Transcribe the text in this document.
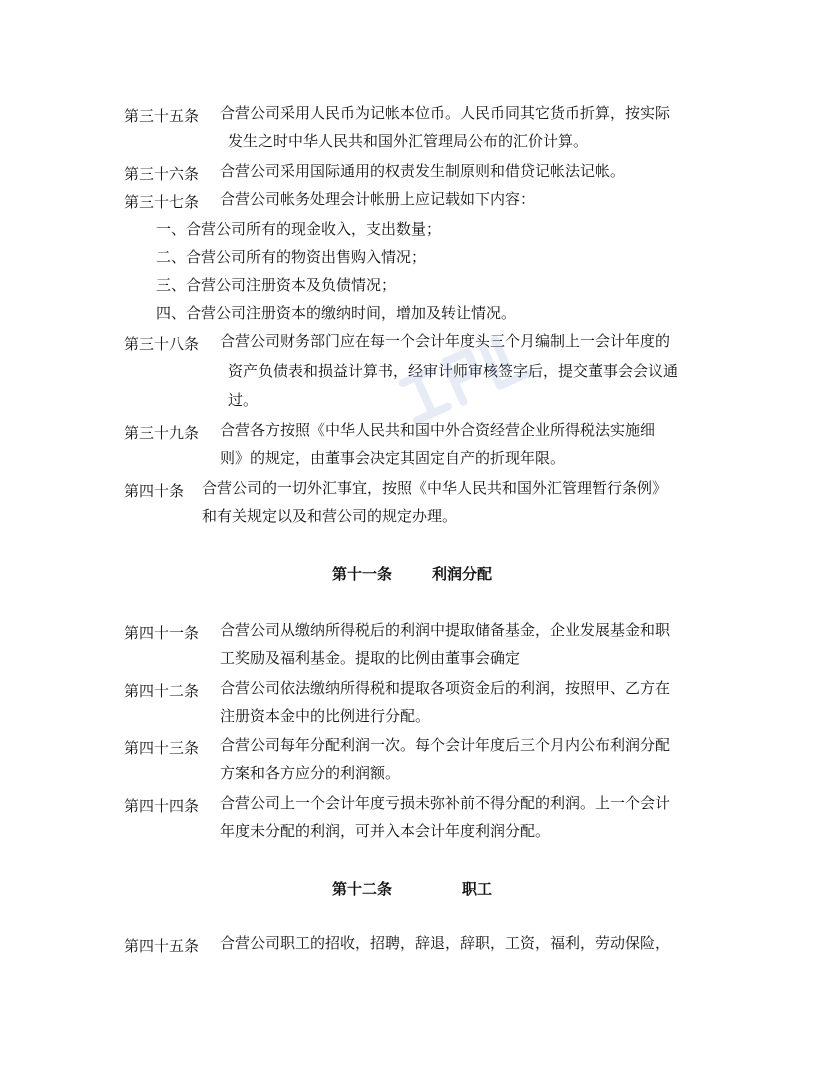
第三十五条 合营公司采用人民币为记帐本位币。人民币同其它货币折算，按实际
发生之时中华人民共和国外汇管理局公布的汇价计算。
第三十六条 合营公司采用国际通用的权责发生制原则和借贷记帐法记帐。
第三十七条 合营公司帐务处理会计帐册上应记载如下内容：
一、合营公司所有的现金收入，支出数量；
二、合营公司所有的物资出售购入情况；
三、合营公司注册资本及负债情况；
四、合营公司注册资本的缴纳时间，增加及转让情况。
第三十八条 合营公司财务部门应在每一个会计年度头三个月编制上一会计年度的
资产负债表和损益计算书，经审计师审核签字后，提交董事会会议通
过。
第三十九条 合营各方按照《中华人民共和国中外合资经营企业所得税法实施细
则》的规定，由董事会决定其固定自产的折现年限。
第四十条 合营公司的一切外汇事宜，按照《中华人民共和国外汇管理暂行条例》
和有关规定以及和营公司的规定办理。
第十一条	利润分配
第四十一条 合营公司从缴纳所得税后的利润中提取储备基金，企业发展基金和职
工奖励及福利基金。提取的比例由董事会确定
第四十二条 合营公司依法缴纳所得税和提取各项资金后的利润，按照甲、乙方在
注册资本金中的比例进行分配。
第四十三条 合营公司每年分配利润一次。每个会计年度后三个月内公布利润分配
方案和各方应分的利润额。
第四十四条 合营公司上一个会计年度亏损未弥补前不得分配的利润。上一个会计
年度未分配的利润，可并入本会计年度利润分配。
第十二条	职工
第四十五条 合营公司职工的招收，招聘，辞退，辞职，工资，福利，劳动保险，
